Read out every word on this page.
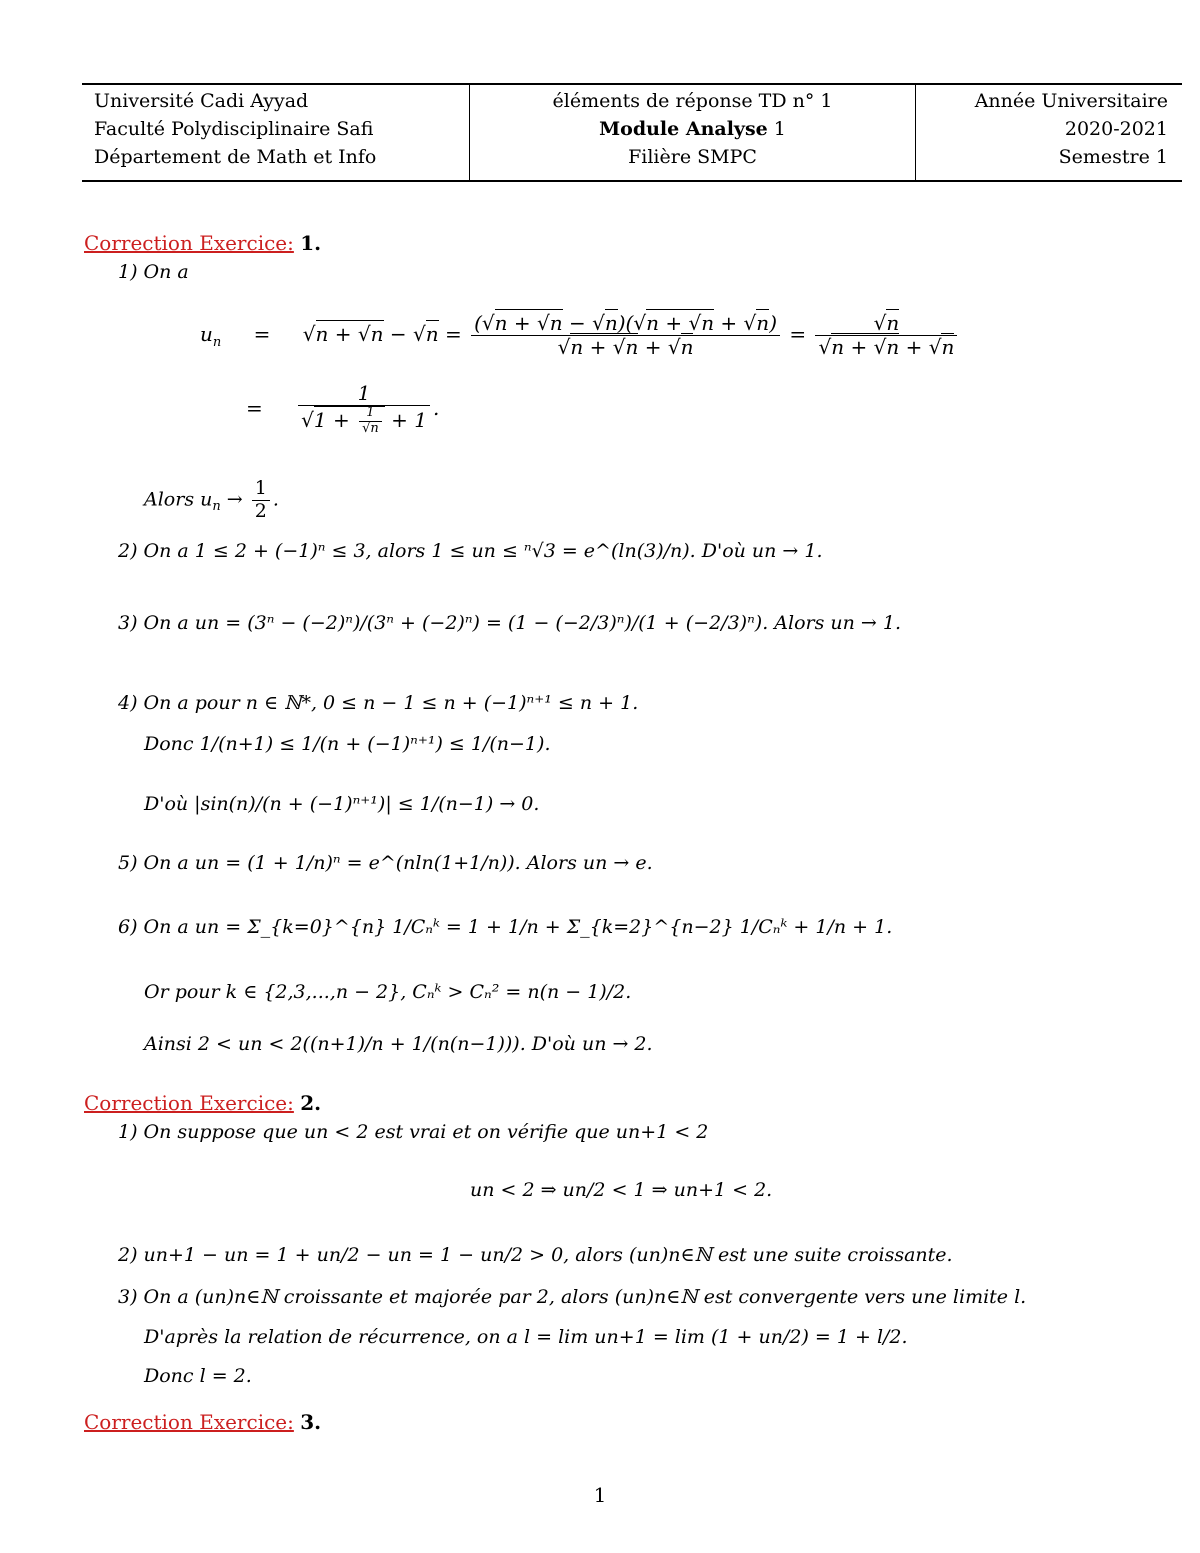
Université Cadi Ayyad
Faculté Polydisciplinaire Safi
Département de Math et Info
éléments de réponse TD n° 1
Module Analyse 1
Filière SMPC
Année Universitaire
2020-2021
Semestre 1
Correction Exercice: 1.
1) On a
$u_n = √n + √n - √n = \frac{(√n + √n - √n)(√n + √n + √n)}{√n + √n + √n} = \frac{√n}{√n + √n + √n}$
= $\frac{1}{√1 + \frac{1}{√n} + 1}$ .
Alors $u_n \to \frac{1}{2}$ .
2) On a 1 ≤ 2 + (−1)ⁿ ≤ 3, alors 1 ≤ un ≤ ⁿ√3 = e^(ln(3)/n). D'où un → 1.
3) On a un = (3ⁿ − (−2)ⁿ)/(3ⁿ + (−2)ⁿ) = (1 − (−2/3)ⁿ)/(1 + (−2/3)ⁿ). Alors un → 1.
4) On a pour n ∈ ℕ*, 0 ≤ n − 1 ≤ n + (−1)ⁿ⁺¹ ≤ n + 1.
Donc 1/(n+1) ≤ 1/(n + (−1)ⁿ⁺¹) ≤ 1/(n−1).
D'où |sin(n)/(n + (−1)ⁿ⁺¹)| ≤ 1/(n−1) → 0.
5) On a un = (1 + 1/n)ⁿ = e^(nln(1+1/n)). Alors un → e.
6) On a un = Σ_{k=0}^{n} 1/Cₙᵏ = 1 + 1/n + Σ_{k=2}^{n−2} 1/Cₙᵏ + 1/n + 1.
Or pour k ∈ {2,3,...,n − 2}, Cₙᵏ > Cₙ² = n(n − 1)/2.
Ainsi 2 < un < 2((n+1)/n + 1/(n(n−1))). D'où un → 2.
Correction Exercice: 2.
1) On suppose que un < 2 est vrai et on vérifie que un+1 < 2
un < 2 ⇒ un/2 < 1 ⇒ un+1 < 2.
2) un+1 − un = 1 + un/2 − un = 1 − un/2 > 0, alors (un)n∈ℕ est une suite croissante.
3) On a (un)n∈ℕ croissante et majorée par 2, alors (un)n∈ℕ est convergente vers une limite l.
D'après la relation de récurrence, on a l = lim un+1 = lim (1 + un/2) = 1 + l/2.
Donc l = 2.
Correction Exercice: 3.
1
